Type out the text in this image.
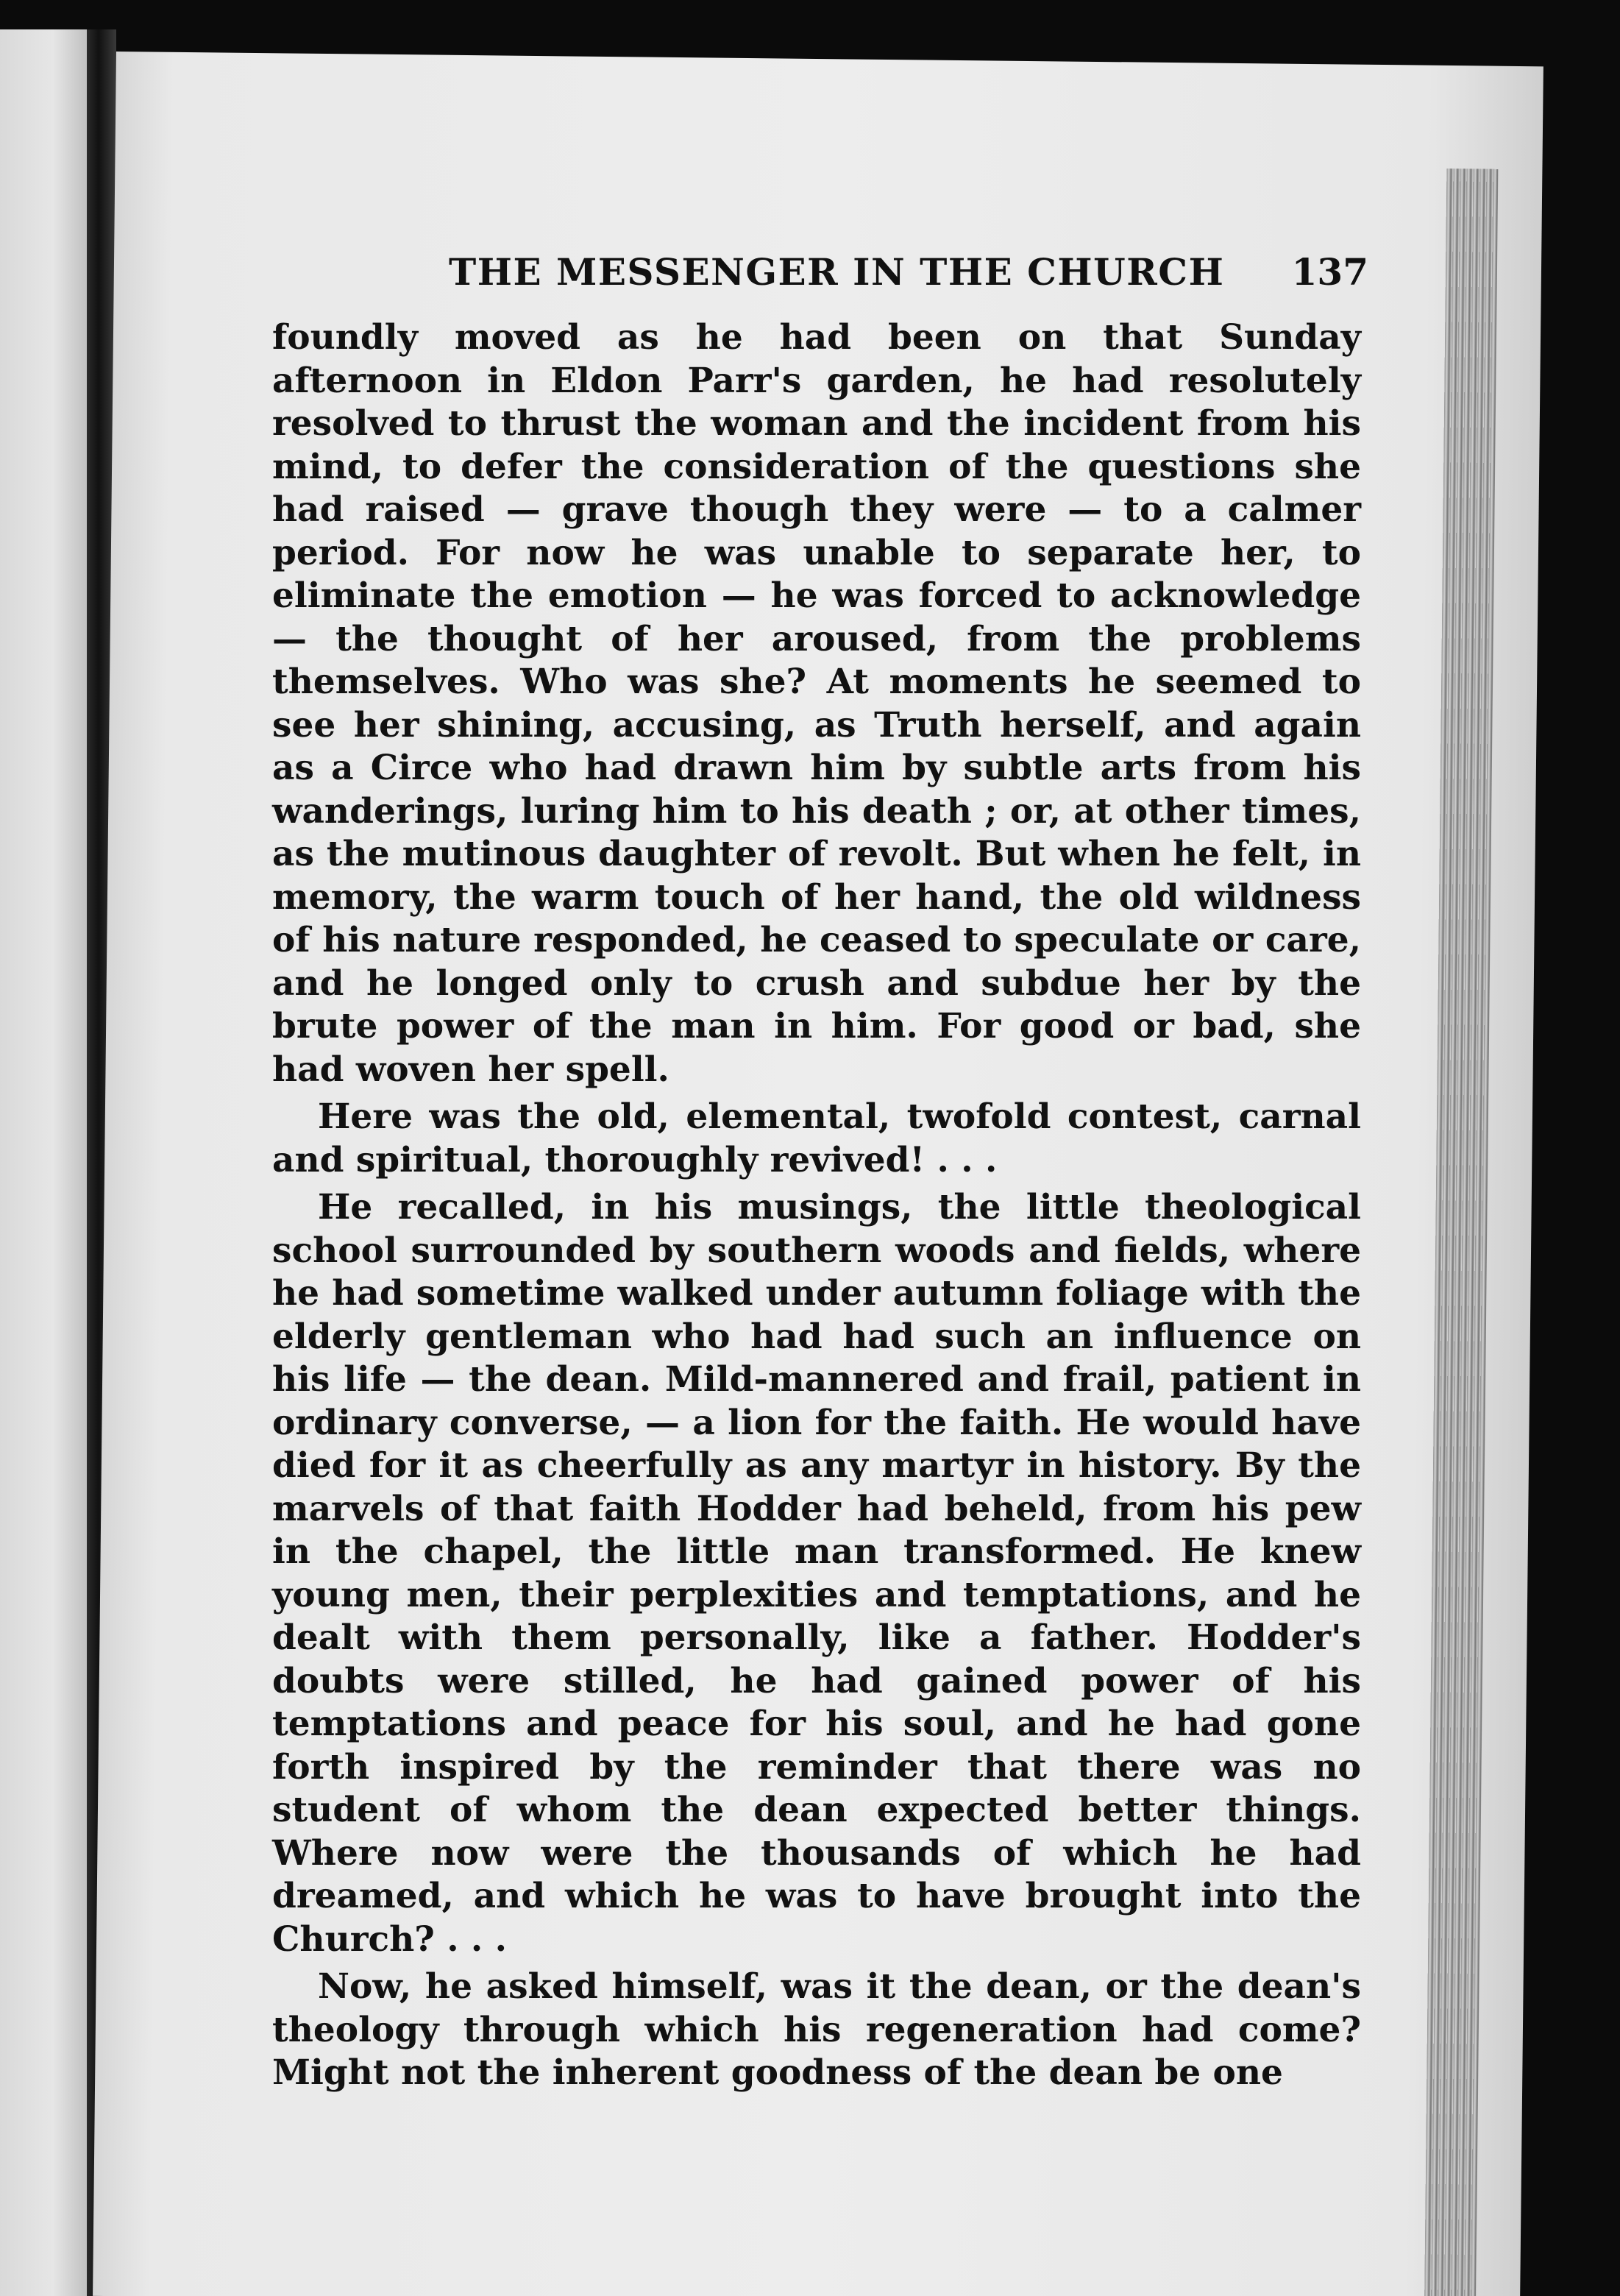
THE MESSENGER IN THE CHURCH 137

foundly moved as he had been on that Sunday afternoon in Eldon Parr's garden, he had resolutely resolved to thrust the woman and the incident from his mind, to defer the consideration of the questions she had raised — grave though they were — to a calmer period. For now he was unable to separate her, to eliminate the emotion — he was forced to acknowledge — the thought of her aroused, from the problems themselves. Who was she? At moments he seemed to see her shining, accusing, as Truth herself, and again as a Circe who had drawn him by subtle arts from his wanderings, luring him to his death ; or, at other times, as the mutinous daughter of revolt. But when he felt, in memory, the warm touch of her hand, the old wildness of his nature responded, he ceased to speculate or care, and he longed only to crush and subdue her by the brute power of the man in him. For good or bad, she had woven her spell.

Here was the old, elemental, twofold contest, carnal and spiritual, thoroughly revived! . . .

He recalled, in his musings, the little theological school surrounded by southern woods and fields, where he had sometime walked under autumn foliage with the elderly gentleman who had had such an influence on his life — the dean. Mild-mannered and frail, patient in ordinary converse, — a lion for the faith. He would have died for it as cheerfully as any martyr in history. By the marvels of that faith Hodder had beheld, from his pew in the chapel, the little man transformed. He knew young men, their perplexities and temptations, and he dealt with them personally, like a father. Hodder's doubts were stilled, he had gained power of his temptations and peace for his soul, and he had gone forth inspired by the reminder that there was no student of whom the dean expected better things. Where now were the thousands of which he had dreamed, and which he was to have brought into the Church? . . .

Now, he asked himself, was it the dean, or the dean's theology through which his regeneration had come? Might not the inherent goodness of the dean be one
